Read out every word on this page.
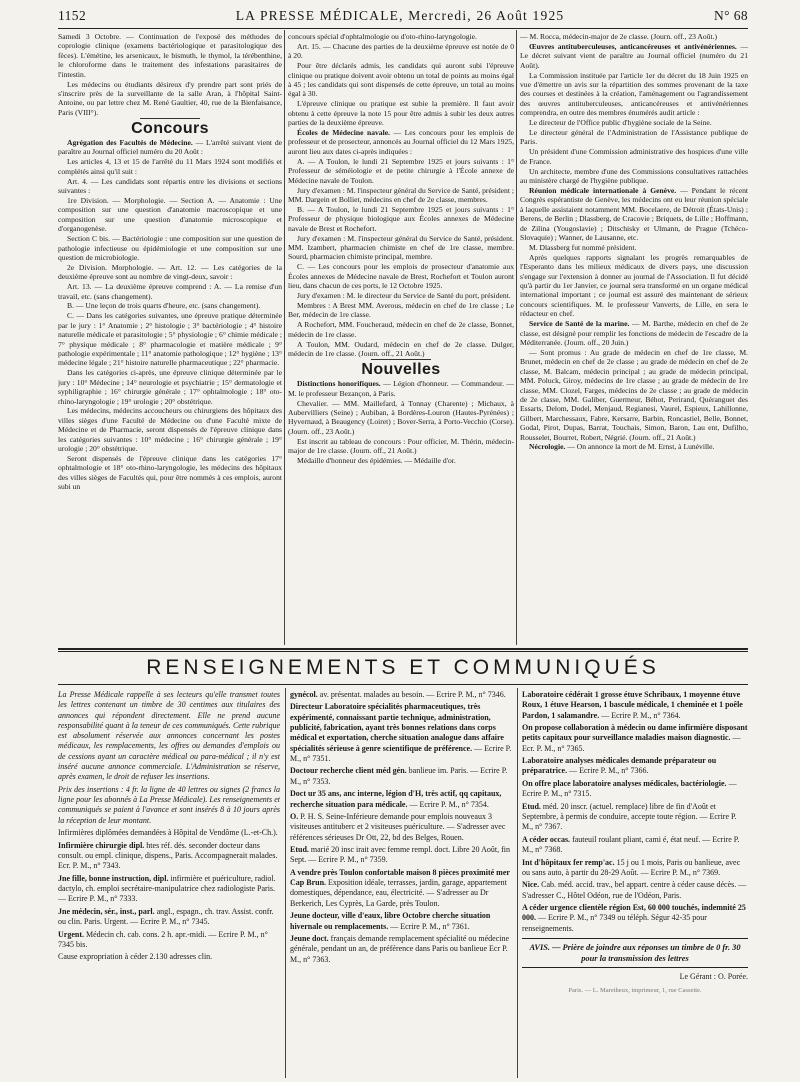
1152	LA PRESSE MÉDICALE, Mercredi, 26 Août 1925	N° 68

Samedi 3 Octobre. — Continuation de l'exposé des méthodes de coprologie clinique (examens bactériologique et parasitologique des fèces). L'émétine, les arsenicaux, le bismuth, le thymol, la térébenthine, le chloroforme dans le traitement des infestations parasitaires de l'intestin.

Les médecins ou étudiants désireux d'y prendre part sont priés de s'inscrire près de la surveillante de la salle Aran, à l'hôpital Saint-Antoine, ou par lettre chez M. René Gaultier, 40, rue de la Bienfaisance, Paris (VIII°).

Concours

Agrégation des Facultés de Médecine. — L'arrêté suivant vient de paraître au Journal officiel numéro du 20 Août :

Les articles 4, 13 et 15 de l'arrêté du 11 Mars 1924 sont modifiés et complétés ainsi qu'il suit :

Art. 4. — Les candidats sont répartis entre les divisions et sections suivantes :

1re Division. — Morphologie. — Section A. — Anatomie : Une composition sur une question d'anatomie macroscopique et une composition sur une question d'anatomie microscopique et d'organogenèse.

Section C bis. — Bactériologie : une composition sur une question de pathologie infectieuse ou épidémiologie et une composition sur une question de microbiologie.

2e Division. Morphologie. — Art. 12. — Les catégories de la deuxième épreuve sont au nombre de vingt-deux, savoir :

Art. 13. — La deuxième épreuve comprend : A. — La remise d'un travail, etc. (sans changement).

B. — Une leçon de trois quarts d'heure, etc. (sans changement).

C. — Dans les catégories suivantes, une épreuve pratique déterminée par le jury : 1° Anatomie ; 2° histologie ; 3° bactériologie ; 4° histoire naturelle médicale et parasitologie ; 5° physiologie ; 6° chimie médicale ; 7° physique médicale ; 8° pharmacologie et matière médicale ; 9° pathologie expérimentale ; 11° anatomie pathologique ; 12° hygiène ; 13° médecine légale ; 21° histoire naturelle pharmaceutique ; 22° pharmacie.

Dans les catégories ci-après, une épreuve clinique déterminée par le jury : 10° Médecine ; 14° neurologie et psychiatrie ; 15° dermatologie et syphiligraphie ; 16° chirurgie générale ; 17° ophtalmologie ; 18° oto-rhino-laryngologie ; 19° urologie ; 20° obstétrique.

Les médecins, médecins accoucheurs ou chirurgiens des hôpitaux des villes sièges d'une Faculté de Médecine ou d'une Faculté mixte de Médecine et de Pharmacie, seront dispensés de l'épreuve clinique dans les catégories suivantes : 10° médecine ; 16° chirurgie générale ; 19° urologie ; 20° obstétrique.

Seront dispensés de l'épreuve clinique dans les catégories 17° ophtalmologie et 18° oto-rhino-laryngologie, les médecins des hôpitaux des villes sièges de Facultés qui, pour être nommés à ces emplois, auront subi un

concours spécial d'ophtalmologie ou d'oto-rhino-laryngologie.

Art. 15. — Chacune des parties de la deuxième épreuve est notée de 0 à 20.

Pour être déclarés admis, les candidats qui auront subi l'épreuve clinique ou pratique doivent avoir obtenu un total de points au moins égal à 45 ; les candidats qui sont dispensés de cette épreuve, un total au moins égal à 30.

L'épreuve clinique ou pratique est subie la première. Il faut avoir obtenu à cette épreuve la note 15 pour être admis à subir les deux autres parties de la deuxième épreuve.

Écoles de Médecine navale. — Les concours pour les emplois de professeur et de prosecteur, annoncés au Journal officiel du 12 Mars 1925, auront lieu aux dates ci-après indiquées :

A. — A Toulon, le lundi 21 Septembre 1925 et jours suivants : 1° Professeur de séméiologie et de petite chirurgie à l'École annexe de Médecine navale de Toulon.

Jury d'examen : M. l'inspecteur général du Service de Santé, président ; MM. Dargein et Bolliet, médecins en chef de 2e classe, membres.

B. — A Toulon, le lundi 21 Septembre 1925 et jours suivants : 1° Professeur de physique biologique aux Écoles annexes de Médecine navale de Brest et Rochefort.

Jury d'examen : M. l'inspecteur général du Service de Santé, président. MM. Izambert, pharmacien chimiste en chef de 1re classe, membre. Sourd, pharmacien chimiste principal, membre.

C. — Les concours pour les emplois de prosecteur d'anatomie aux Écoles annexes de Médecine navale de Brest, Rochefort et Toulon auront lieu, dans chacun de ces ports, le 12 Octobre 1925.

Jury d'examen : M. le directeur du Service de Santé du port, président.

Membres : A Brest MM. Averous, médecin en chef de 1re classe ; Le Ber, médecin de 1re classe.

A Rochefort, MM. Foucheraud, médecin en chef de 2e classe, Bonnet, médecin de 1re classe.

A Toulon, MM. Oudard, médecin en chef de 2e classe. Dulger, médecin de 1re classe. (Journ. off., 21 Août.)

Nouvelles

Distinctions honorifiques. — Légion d'honneur. — Commandeur. — M. le professeur Bezançon, à Paris.

Chevalier. — MM. Maillefard, à Tonnay (Charente) ; Michaux, à Aubervilliers (Seine) ; Aubiban, à Bordères-Louron (Hautes-Pyrénées) ; Hyvernaud, à Beaugency (Loiret) ; Bover-Serra, à Porto-Vecchio (Corse). (Journ. off., 23 Août.)

Est inscrit au tableau de concours : Pour officier, M. Thérin, médecin-major de 1re classe. (Journ. off., 21 Août.)

Médaille d'honneur des épidémies. — Médaille d'or.

— M. Rocca, médecin-major de 2e classe. (Journ. off., 23 Août.)

Œuvres antituberculeuses, anticancéreuses et antivénériennes. — Le décret suivant vient de paraître au Journal officiel (numéro du 21 Août).

La Commission instituée par l'article 1er du décret du 18 Juin 1925 en vue d'émettre un avis sur la répartition des sommes provenant de la taxe des courses et destinées à la création, l'aménagement ou l'agrandissement des œuvres antituberculeuses, anticancéreuses et antivénériennes comprendra, en outre des membres énumérés audit article :

Le directeur de l'Office public d'hygiène sociale de la Seine.

Le directeur général de l'Administration de l'Assistance publique de Paris.

Un président d'une Commission administrative des hospices d'une ville de France.

Un architecte, membre d'une des Commissions consultatives rattachées au ministère chargé de l'hygiène publique.

Réunion médicale internationale à Genève. — Pendant le récent Congrès espérantiste de Genève, les médecins ont eu leur réunion spéciale à laquelle assistaient notamment MM. Bocelaere, de Détroit (États-Unis) ; Berens, de Berlin ; Dlassberg, de Cracovie ; Briquets, de Lille ; Hoffmann, de Zilina (Yougoslavie) ; Ditschisky et Ulmann, de Prague (Tchéco-Slovaquie) ; Wanner, de Lausanne, etc.

M. Dlassberg fut nommé président.

Après quelques rapports signalant les progrès remarquables de l'Esperanto dans les milieux médicaux de divers pays, une discussion s'engage sur l'extension à donner au journal de l'Association. Il fut décidé qu'à partir du 1er Janvier, ce journal sera transformé en un organe médical international important ; ce journal est assuré des maintenant de sérieux concours scientifiques. M. le professeur Vanverts, de Lille, en sera le rédacteur en chef.

Service de Santé de la marine. — M. Barthe, médecin en chef de 2e classe, est désigné pour remplir les fonctions de médecin de l'escadre de la Méditerranée. (Journ. off., 20 Juin.)

— Sont promus : Au grade de médecin en chef de 1re classe, M. Brunet, médecin en chef de 2e classe ; au grade de médecin en chef de 2e classe, M. Balcam, médecin principal ; au grade de médecin principal, MM. Poluck, Giroy, médecins de 1re classe ; au grade de médecin de 1re classe, MM. Clozel, Farges, médecins de 2e classe ; au grade de médecin de 2e classe, MM. Galiber, Guermeur, Béhot, Perirand, Quéranguet des Essarts, Delom, Dodel, Menjaud, Regianesi, Vaurel, Espieux, Lahillonne, Gilbert, Marchessaux, Fabre, Kersarre, Barbin, Roncastiel, Belle, Bonnet, Godal, Pirot, Dupas, Barrat, Touchais, Simon, Baron, Lau ent, Dufilho, Rousselet, Bourret, Robert, Négrié. (Journ. off., 21 Août.)

Nécrologie. — On annonce la mort de M. Ernst, à Lunéville.

RENSEIGNEMENTS ET COMMUNIQUÉS

La Presse Médicale rappelle à ses lecteurs qu'elle transmet toutes les lettres contenant un timbre de 30 centimes aux titulaires des annonces qui répondent directement. Elle ne prend aucune responsabilité quant à la teneur de ces communiqués. Cette rubrique est absolument réservée aux annonces concernant les postes médicaux, les remplacements, les offres ou demandes d'emplois ou de cessions ayant un caractère médical ou para-médical ; il n'y est inséré aucune annonce commerciale. L'Administration se réserve, après examen, le droit de refuser les insertions.

Prix des insertions : 4 fr. la ligne de 40 lettres ou signes (2 francs la ligne pour les abonnés à La Presse Médicale). Les renseignements et communiqués se paient à l'avance et sont insérés 8 à 10 jours après la réception de leur montant.

Infirmières diplômées demandées à Hôpital de Vendôme (L.-et-Ch.).

Infirmière chirurgie dipl. htes réf. dés. seconder docteur dans consult. ou empl. clinique, dispens., Paris. Accompagnerait malades. Ecr. P. M., n° 7343.

Jne fille, bonne instruction, dipl. infirmière et puériculture, radiol. dactylo, ch. emploi secrétaire-manipulatrice chez radiologiste Paris. — Ecrire P. M., n° 7333.

Jne médecin, sér., inst., parl. angl., espagn., ch. trav. Assist. confr. ou clin. Paris. Urgent. — Ecrire P. M., n° 7345.

Urgent. Médecin ch. cab. cons. 2 h. apr.-midi. — Ecrire P. M., n° 7345 bis.

Cause expropriation à céder 2.130 adresses clin.

gynécol. av. présentat. malades au besoin. — Ecrire P. M., n° 7346.

Directeur Laboratoire spécialités pharmaceutiques, très expérimenté, connaissant partie technique, administration, publicité, fabrication, ayant très bonnes relations dans corps médical et exportation, cherche situation analogue dans affaire spécialités sérieuse à genre scientifique de préférence. — Ecrire P. M., n° 7351.

Doctour recherche client méd gén. banlieue im. Paris. — Ecrire P. M., n° 7353.

Doct ur 35 ans, anc interne, légion d'H, très actif, qq capitaux, recherche situation para médicale. — Ecrire P. M., n° 7354.

O. P. H. S. Seine-Inférieure demande pour emplois nouveaux 3 visiteuses antituberc et 2 visiteuses puériculture. — S'adresser avec références sérieuses Dr Ott, 22, bd des Belges, Rouen.

Etud. marié 20 insc irait avec femme rempl. doct. Libre 20 Août, fin Sept. — Ecrire P. M., n° 7359.

A vendre près Toulon confortable maison 8 pièces proximité mer Cap Brun. Exposition idéale, terrasses, jardin, garage, appartement domestiques, dépendance, eau, électricité. — S'adresser au Dr Berkerich, Les Cyprès, La Garde, près Toulon.

Jeune docteur, ville d'eaux, libre Octobre cherche situation hivernale ou remplacements. — Ecrire P. M., n° 7361.

Jeune doct. français demande remplacement spécialité ou médecine générale, pendant un an, de préférence dans Paris ou banlieue Ecr P. M., n° 7363.

Laboratoire cédérait 1 grosse étuve Schribaux, 1 moyenne étuve Roux, 1 étuve Hearson, 1 bascule médicale, 1 cheminée et 1 poêle Pardon, 1 salamandre. — Ecrire P. M., n° 7364.

On propose collaboration à médecin ou dame infirmière disposant petits capitaux pour surveillance maladies maison diagnostic. — Ecr. P. M., n° 7365.

Laboratoire analyses médicales demande préparateur ou préparatrice. — Ecrire P. M., n° 7366.

On offre place laboratoire analyses médicales, bactériologie. — Ecrire P. M., n° 7315.

Etud. méd. 20 inscr. (actuel. remplace) libre de fin d'Août et Septembre, à permis de conduire, accepte toute région. — Ecrire P. M., n° 7367.

A céder occas. fauteuil roulant pliant, cami é, état neuf. — Ecrire P. M., n° 7368.

Int d'hôpitaux fer remp'ac. 15 j ou 1 mois, Paris ou banlieue, avec ou sans auto, à partir du 28-29 Août. — Ecrire P. M., n° 7369.

Nice. Cab. méd. accid. trav., bel appart. centre à céder cause décès. — S'adresser C., Hôtel Odéon, rue de l'Odéon, Paris.

A céder urgence clientèle région Est, 60 000 touchés, indemnité 25 000. — Ecrire P. M., n° 7349 ou téléph. Ségur 42-35 pour renseignements.

AVIS. — Prière de joindre aux réponses un timbre de 0 fr. 30 pour la transmission des lettres
Le Gérant : O. Porée.
Paris. — L. Maretheux, imprimeur, 1, rue Cassette.
